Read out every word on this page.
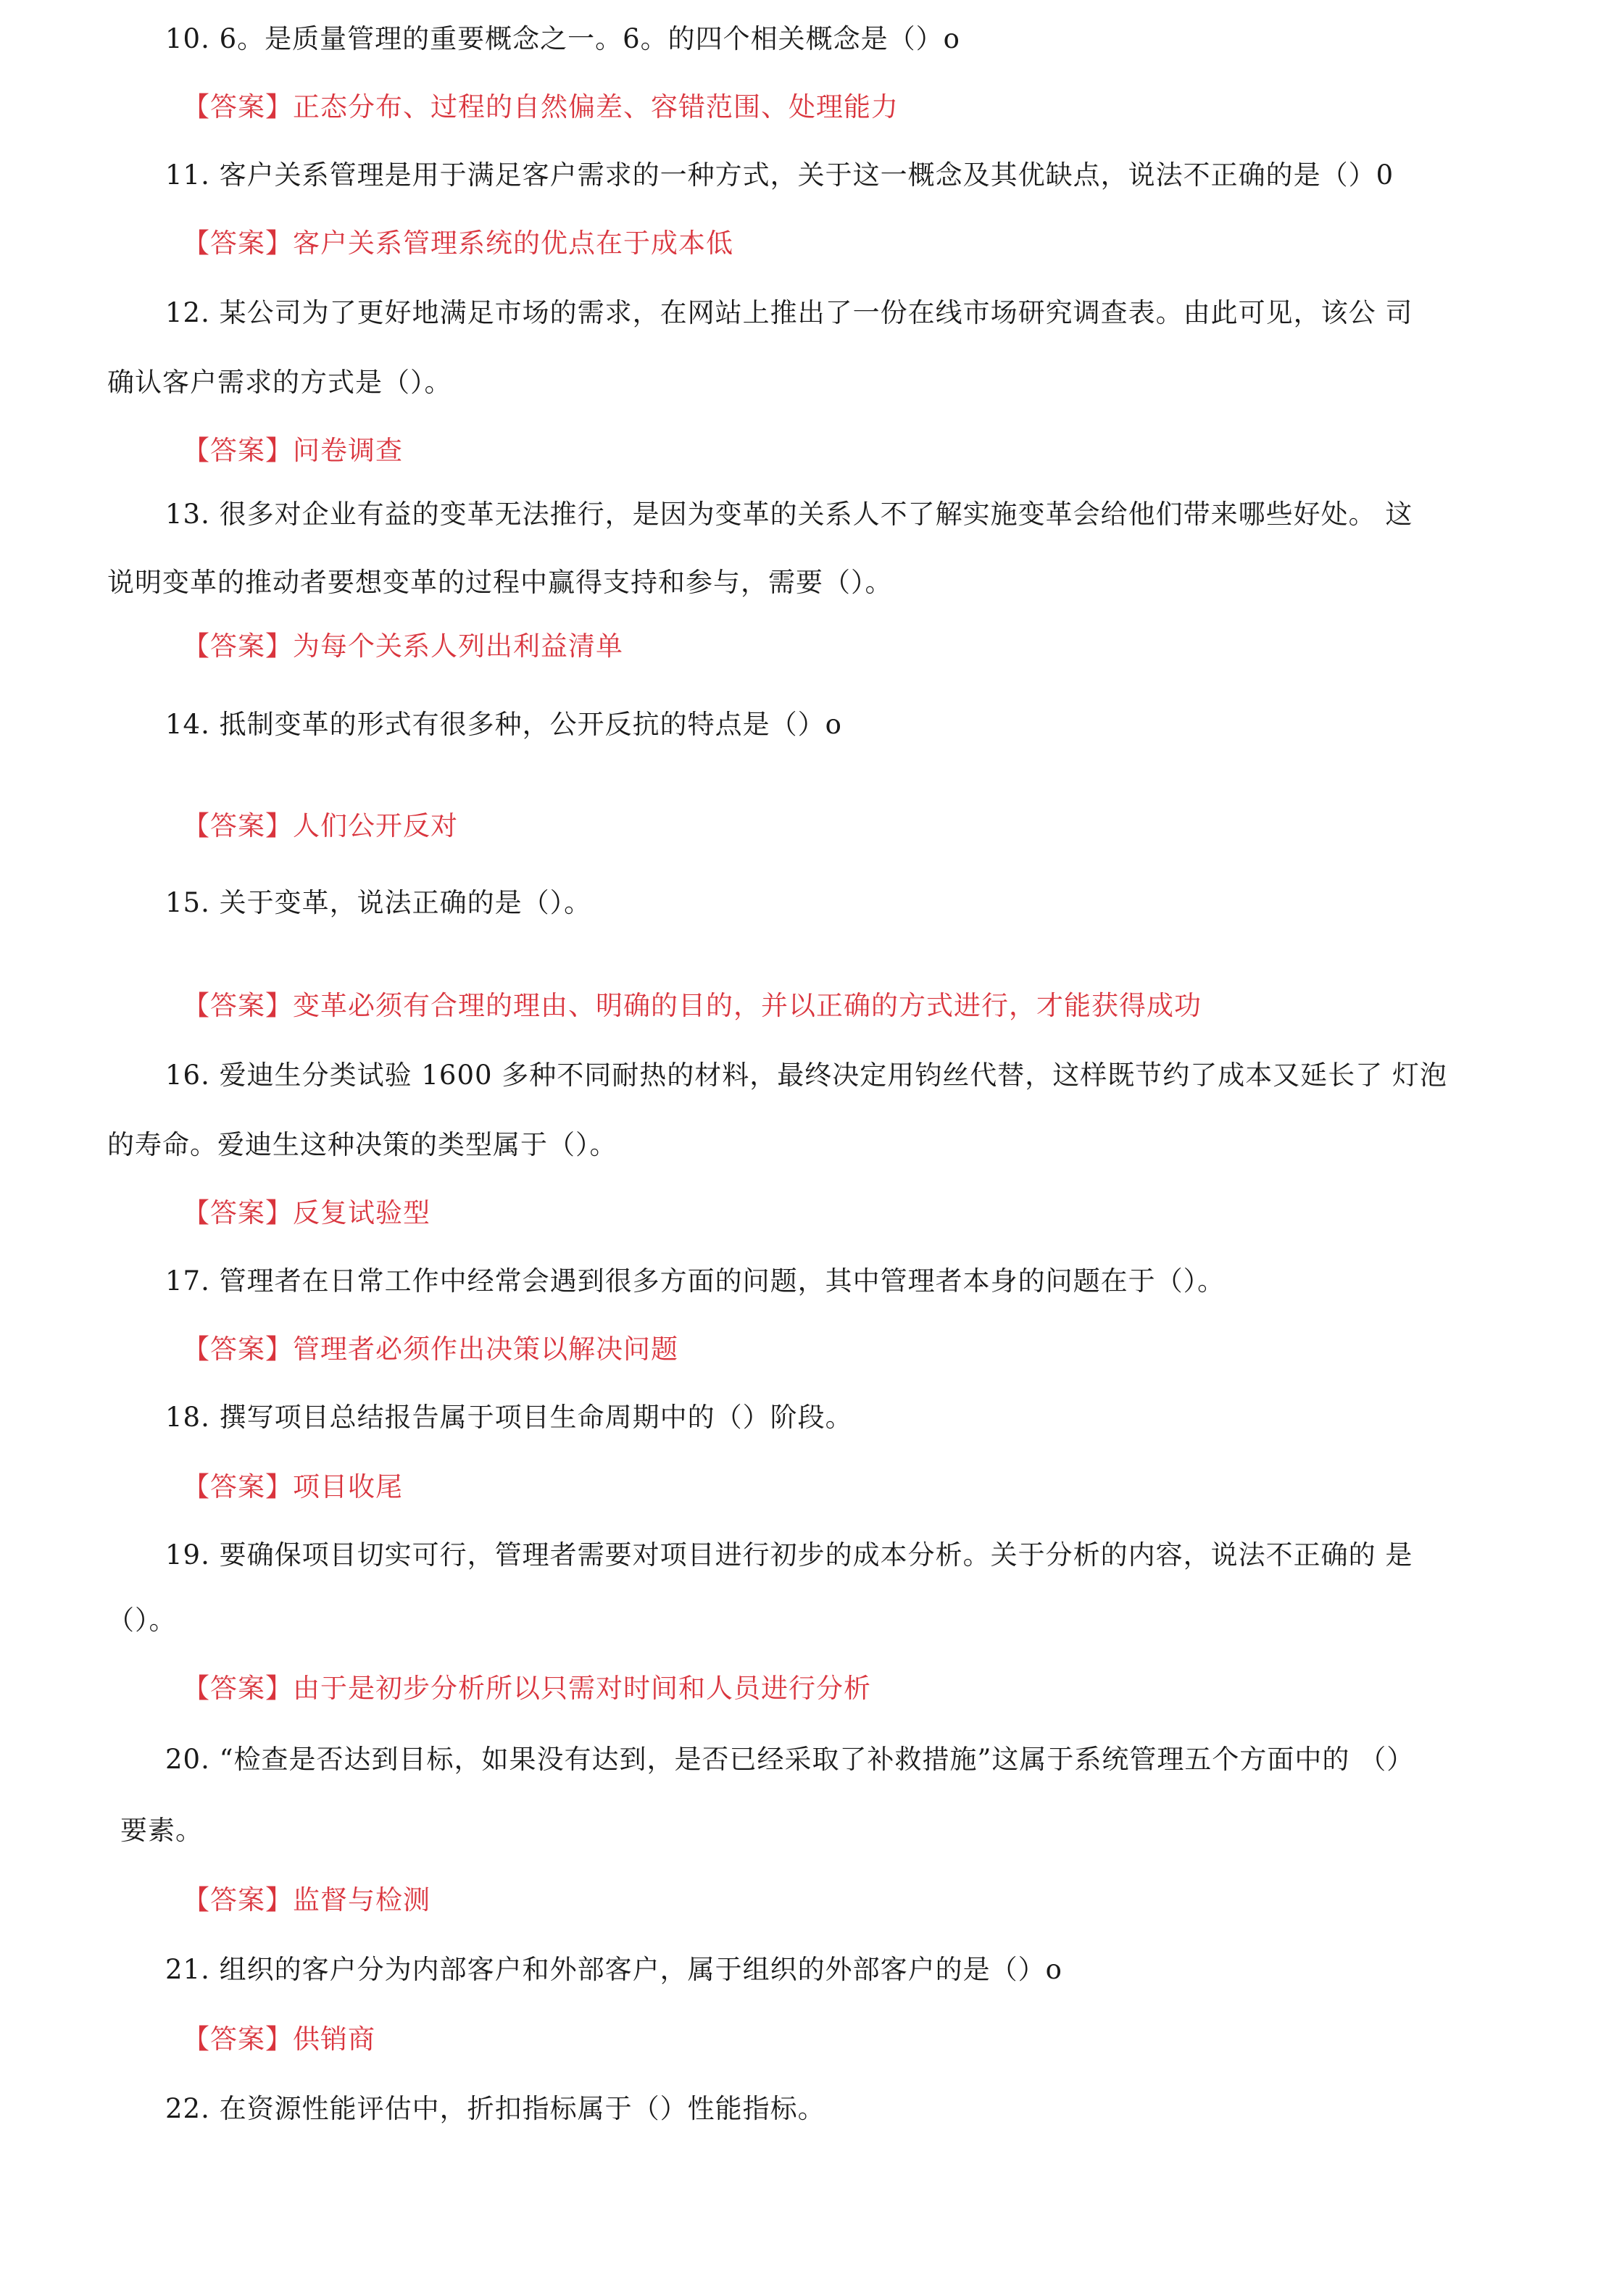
10. 6。是质量管理的重要概念之一。6。的四个相关概念是（）o
【答案】正态分布、过程的自然偏差、容错范围、处理能力
11. 客户关系管理是用于满足客户需求的一种方式，关于这一概念及其优缺点，说法不正确的是（）0
【答案】客户关系管理系统的优点在于成本低
12. 某公司为了更好地满足市场的需求，在网站上推出了一份在线市场研究调查表。由此可见，该公 司
确认客户需求的方式是（）。
【答案】问卷调查
13. 很多对企业有益的变革无法推行，是因为变革的关系人不了解实施变革会给他们带来哪些好处。 这
说明变革的推动者要想变革的过程中赢得支持和参与，需要（）。
【答案】为每个关系人列出利益清单
14. 抵制变革的形式有很多种，公开反抗的特点是（）o
【答案】人们公开反对
15. 关于变革，说法正确的是（）。
【答案】变革必须有合理的理由、明确的目的，并以正确的方式进行，才能获得成功
16. 爱迪生分类试验 1600 多种不同耐热的材料，最终决定用钧丝代替，这样既节约了成本又延长了 灯泡
的寿命。爱迪生这种决策的类型属于（）。
【答案】反复试验型
17. 管理者在日常工作中经常会遇到很多方面的问题，其中管理者本身的问题在于（）。
【答案】管理者必须作出决策以解决问题
18. 撰写项目总结报告属于项目生命周期中的（）阶段。
【答案】项目收尾
19. 要确保项目切实可行，管理者需要对项目进行初步的成本分析。关于分析的内容，说法不正确的 是
（）。
【答案】由于是初步分析所以只需对时间和人员进行分析
20. “检查是否达到目标，如果没有达到，是否已经采取了补救措施”这属于系统管理五个方面中的 （）
要素。
【答案】监督与检测
21. 组织的客户分为内部客户和外部客户，属于组织的外部客户的是（）o
【答案】供销商
22. 在资源性能评估中，折扣指标属于（）性能指标。
